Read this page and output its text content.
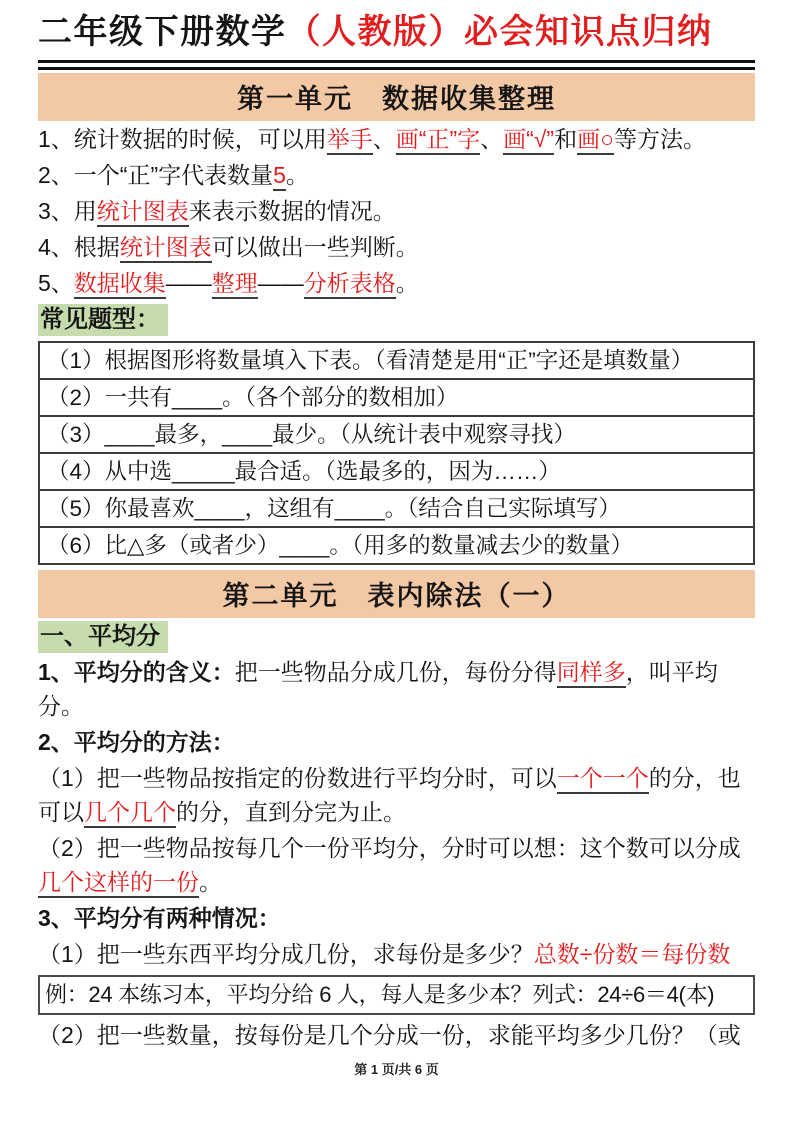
二年级下册数学（人教版）必会知识点归纳
第一单元　数据收集整理

1、统计数据的时候，可以用举手、画“正”字、画“√”和画○等方法。

2、一个“正”字代表数量5。

3、用统计图表来表示数据的情况。

4、根据统计图表可以做出一些判断。

5、数据收集——整理——分析表格。

常见题型：
（1）根据图形将数量填入下表。（看清楚是用“正”字还是填数量）
（2）一共有____。（各个部分的数相加）
（3）____最多，____最少。（从统计表中观察寻找）
（4）从中选_____最合适。（选最多的，因为……）
（5）你最喜欢____，这组有____。（结合自己实际填写）
（6）比△多（或者少）____。（用多的数量减去少的数量）
第二单元　表内除法（一）
一、平均分

1、平均分的含义：把一些物品分成几份，每份分得同样多，叫平均分。

2、平均分的方法：

（1）把一些物品按指定的份数进行平均分时，可以一个一个的分，也可以几个几个的分，直到分完为止。

（2）把一些物品按每几个一份平均分，分时可以想：这个数可以分成几个这样的一份。

3、平均分有两种情况：

（1）把一些东西平均分成几份，求每份是多少？总数÷份数＝每份数

例：24 本练习本，平均分给 6 人，每人是多少本？列式：24÷6＝4(本)

（2）把一些数量，按每份是几个分成一份，求能平均多少几份？（或

第 1 页/共 6 页
